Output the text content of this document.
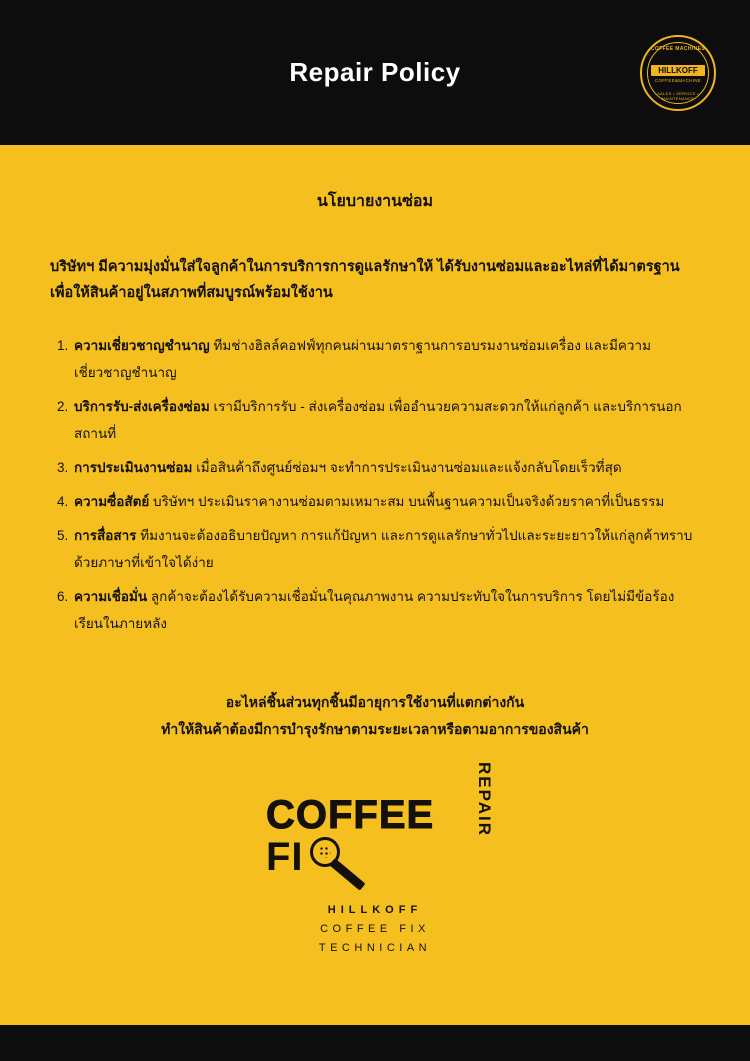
Repair Policy
COFFEE MACHINES
HILLKOFF
COFFEE&MACHINE
SALES • SERVICE • MAINTENANCE
นโยบายงานซ่อม
บริษัทฯ มีความมุ่งมั่นใส่ใจลูกค้าในการบริการการดูแลรักษาให้ ได้รับงานซ่อมและอะไหล่ที่ได้มาตรฐานเพื่อให้สินค้าอยู่ในสภาพที่สมบูรณ์พร้อมใช้งาน
1. ความเชี่ยวชาญชำนาญ ทีมช่างฮิลล์คอฟฟ์ทุกคนผ่านมาตราฐานการอบรมงานซ่อมเครื่อง และมีความเชี่ยวชาญชำนาญ
2. บริการรับ-ส่งเครื่องซ่อม เรามีบริการรับ - ส่งเครื่องซ่อม เพื่ออำนวยความสะดวกให้แก่ลูกค้า และบริการนอกสถานที่
3. การประเมินงานซ่อม เมื่อสินค้าถึงศูนย์ซ่อมฯ จะทำการประเมินงานซ่อมและแจ้งกลับโดยเร็วที่สุด
4. ความซื่อสัตย์ บริษัทฯ ประเมินราคางานซ่อมตามเหมาะสม บนพื้นฐานความเป็นจริงด้วยราคาที่เป็นธรรม
5. การสื่อสาร ทีมงานจะต้องอธิบายปัญหา การแก้ปัญหา และการดูแลรักษาทั่วไปและระยะยาวให้แก่ลูกค้าทราบ ด้วยภาษาที่เข้าใจได้ง่าย
6. ความเชื่อมั่น ลูกค้าจะต้องได้รับความเชื่อมั่นในคุณภาพงาน ความประทับใจในการบริการ โดยไม่มีข้อร้องเรียนในภายหลัง
อะไหล่ชิ้นส่วนทุกชิ้นมีอายุการใช้งานที่แตกต่างกัน
ทำให้สินค้าต้องมีการบำรุงรักษาตามระยะเวลาหรือตามอาการของสินค้า
COFFEE
FI
REPAIR
HILLKOFF
COFFEE FIX
TECHNICIAN
